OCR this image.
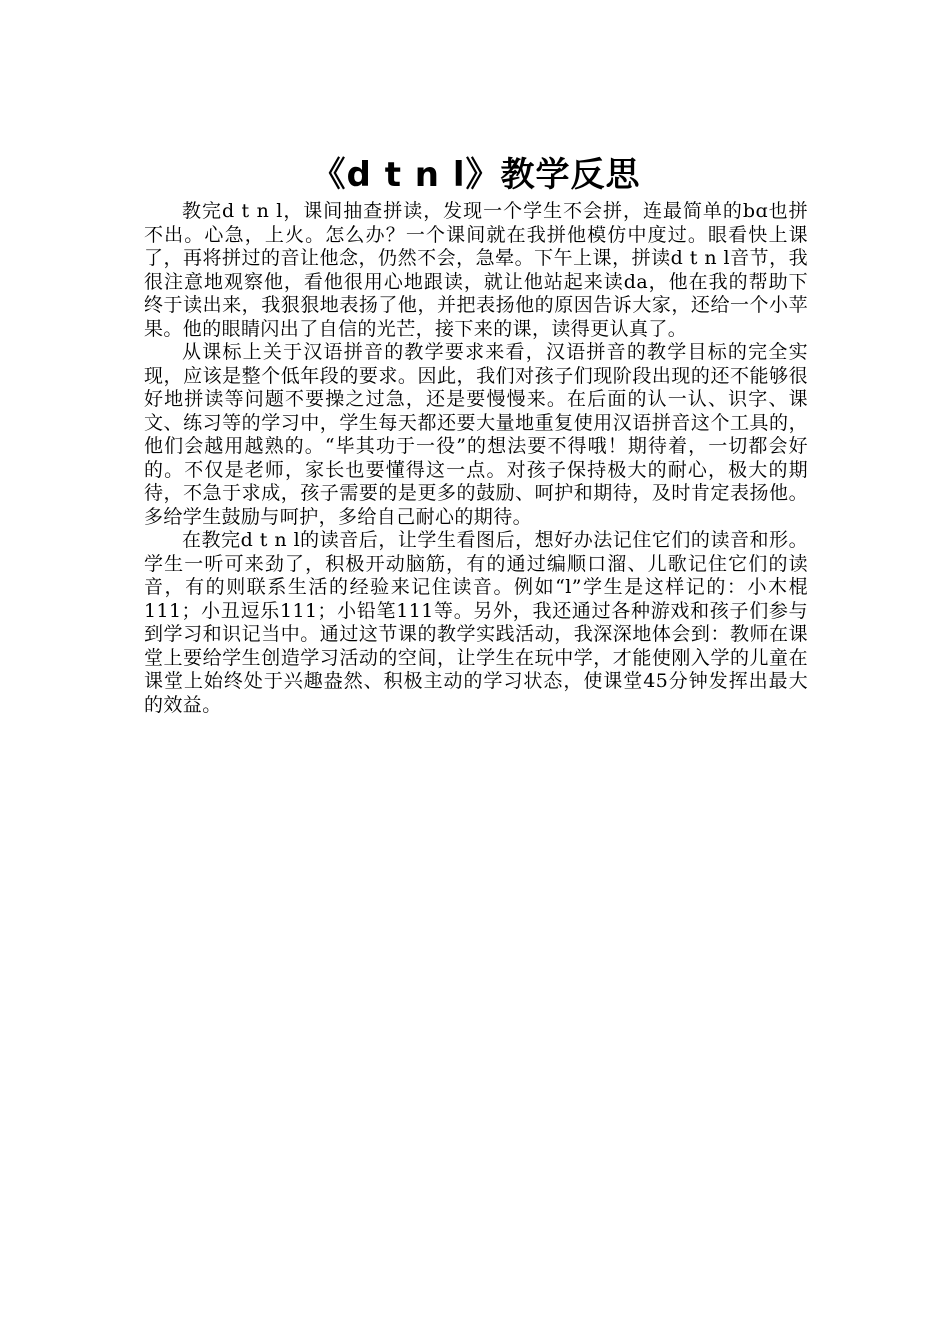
《d t n l》教学反思

教完d t n l，课间抽查拼读，发现一个学生不会拼，连最简单的bɑ也拼不出。心急，上火。怎么办？一个课间就在我拼他模仿中度过。眼看快上课了，再将拼过的音让他念，仍然不会，急晕。下午上课，拼读d t n l音节，我很注意地观察他，看他很用心地跟读，就让他站起来读da，他在我的帮助下终于读出来，我狠狠地表扬了他，并把表扬他的原因告诉大家，还给一个小苹果。他的眼睛闪出了自信的光芒，接下来的课，读得更认真了。

从课标上关于汉语拼音的教学要求来看，汉语拼音的教学目标的完全实现，应该是整个低年段的要求。因此，我们对孩子们现阶段出现的还不能够很好地拼读等问题不要操之过急，还是要慢慢来。在后面的认一认、识字、课文、练习等的学习中，学生每天都还要大量地重复使用汉语拼音这个工具的，他们会越用越熟的。“毕其功于一役”的想法要不得哦！期待着，一切都会好的。不仅是老师，家长也要懂得这一点。对孩子保持极大的耐心，极大的期待，不急于求成，孩子需要的是更多的鼓励、呵护和期待，及时肯定表扬他。多给学生鼓励与呵护，多给自己耐心的期待。

在教完d t n l的读音后，让学生看图后，想好办法记住它们的读音和形。学生一听可来劲了，积极开动脑筋，有的通过编顺口溜、儿歌记住它们的读音，有的则联系生活的经验来记住读音。例如“l”学生是这样记的：小木棍111；小丑逗乐111；小铅笔111等。另外，我还通过各种游戏和孩子们参与到学习和识记当中。通过这节课的教学实践活动，我深深地体会到：教师在课堂上要给学生创造学习活动的空间，让学生在玩中学，才能使刚入学的儿童在课堂上始终处于兴趣盎然、积极主动的学习状态，使课堂45分钟发挥出最大的效益。
